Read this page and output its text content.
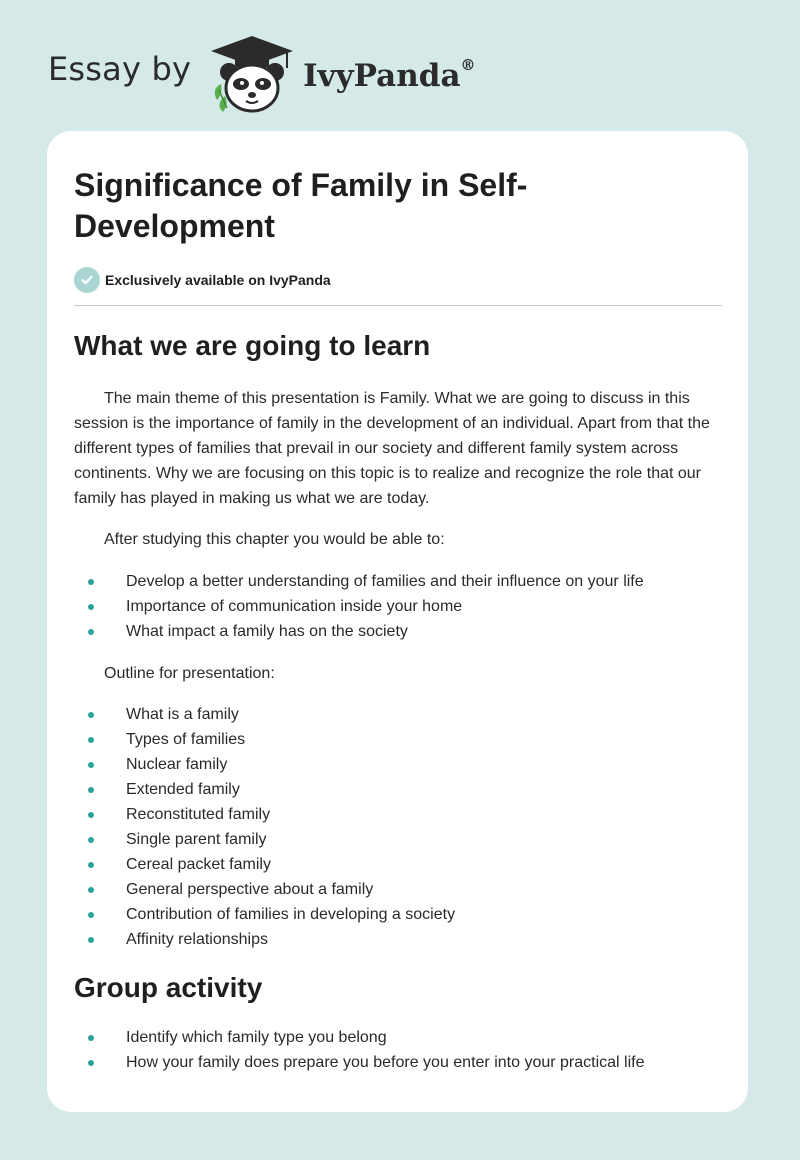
Essay by	IvyPanda®
Significance of Family in Self-Development
Exclusively available on IvyPanda
What we are going to learn

The main theme of this presentation is Family. What we are going to discuss in this session is the importance of family in the development of an individual. Apart from that the different types of families that prevail in our society and different family system across continents. Why we are focusing on this topic is to realize and recognize the role that our family has played in making us what we are today.

After studying this chapter you would be able to:

Develop a better understanding of families and their influence on your life
Importance of communication inside your home
What impact a family has on the society

Outline for presentation:

What is a family
Types of families
Nuclear family
Extended family
Reconstituted family
Single parent family
Cereal packet family
General perspective about a family
Contribution of families in developing a society
Affinity relationships
Group activity
Identify which family type you belong
How your family does prepare you before you enter into your practical life
